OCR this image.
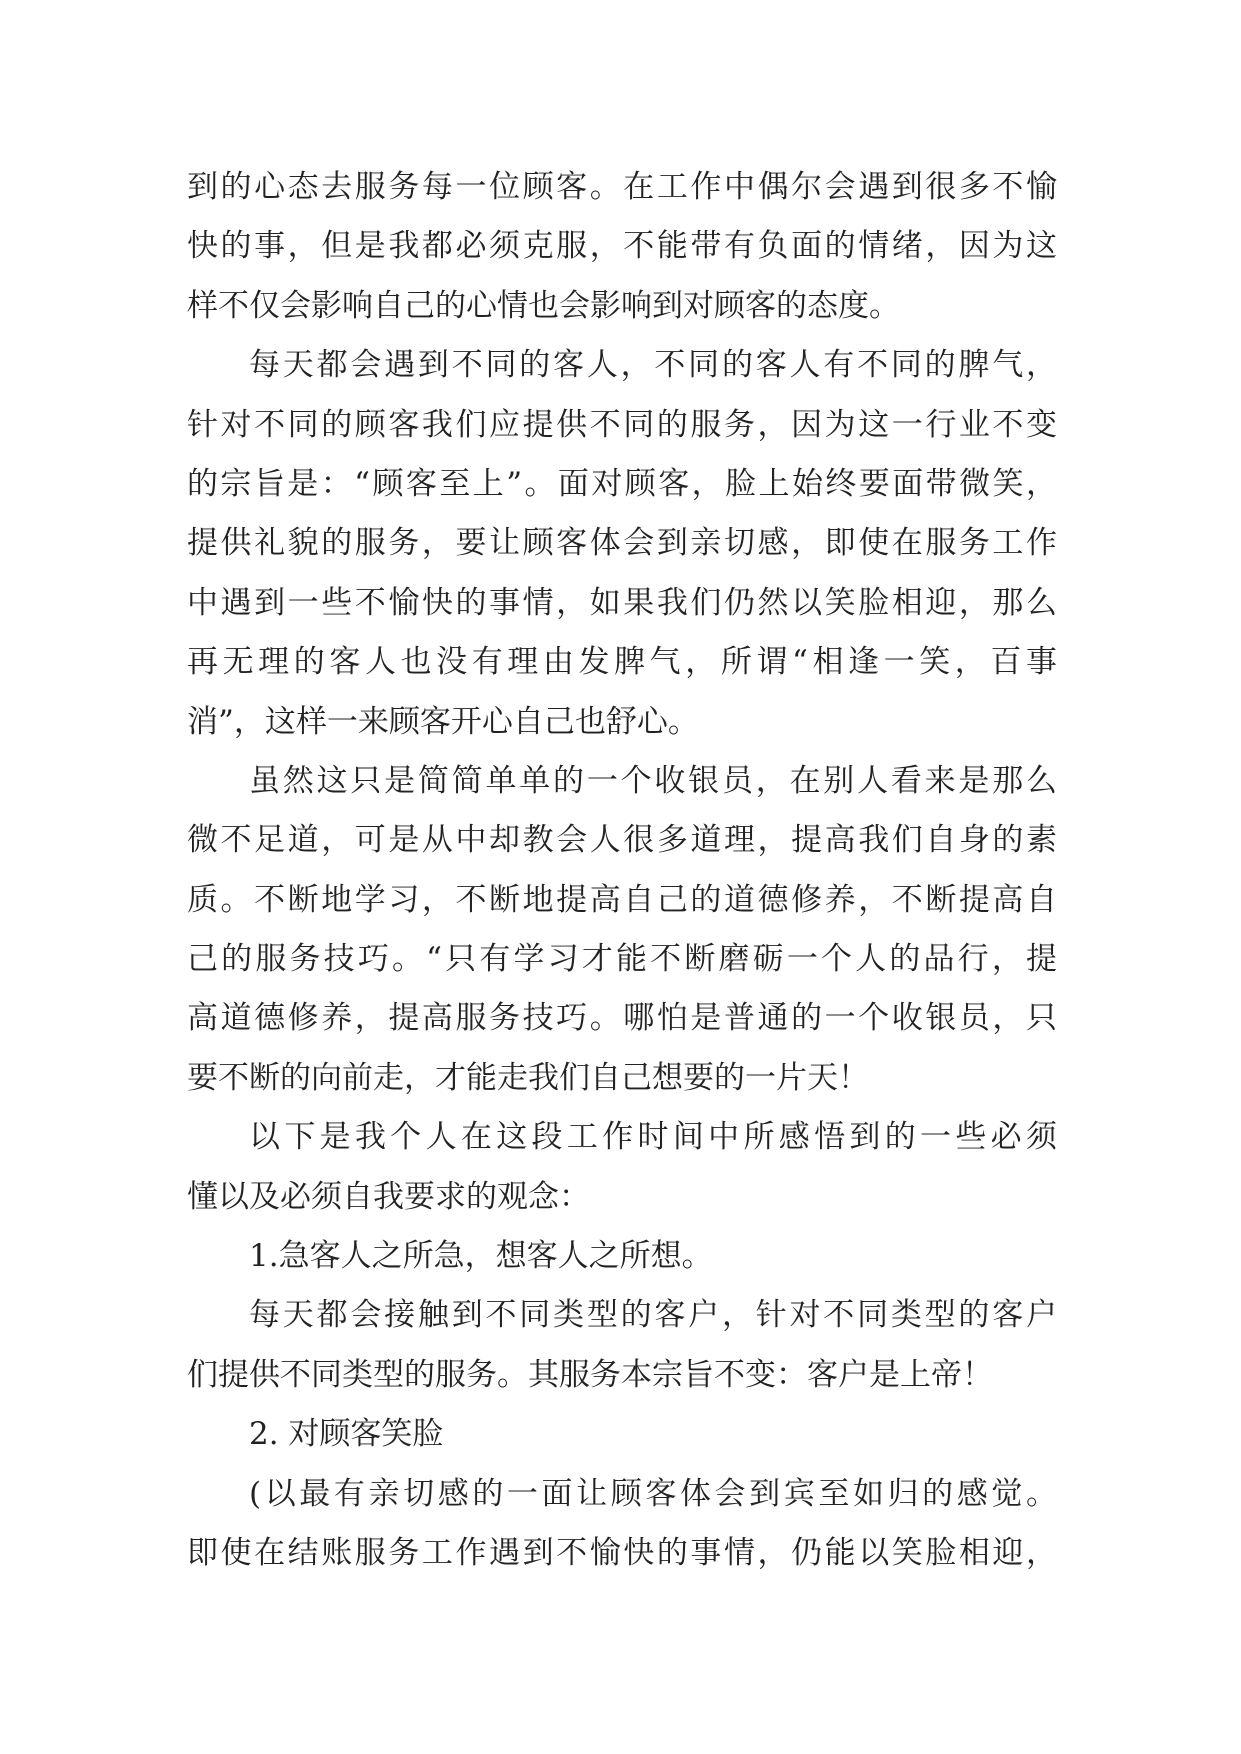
到的心态去服务每一位顾客。在工作中偶尔会遇到很多不愉
快的事，但是我都必须克服，不能带有负面的情绪，因为这
样不仅会影响自己的心情也会影响到对顾客的态度。
每天都会遇到不同的客人，不同的客人有不同的脾气，
针对不同的顾客我们应提供不同的服务，因为这一行业不变
的宗旨是：“顾客至上”。面对顾客，脸上始终要面带微笑，
提供礼貌的服务，要让顾客体会到亲切感，即使在服务工作
中遇到一些不愉快的事情，如果我们仍然以笑脸相迎，那么
再无理的客人也没有理由发脾气，所谓“相逢一笑，百事
消”，这样一来顾客开心自己也舒心。
虽然这只是简简单单的一个收银员，在别人看来是那么
微不足道，可是从中却教会人很多道理，提高我们自身的素
质。不断地学习，不断地提高自己的道德修养，不断提高自
己的服务技巧。“只有学习才能不断磨砺一个人的品行，提
高道德修养，提高服务技巧。哪怕是普通的一个收银员，只
要不断的向前走，才能走我们自己想要的一片天！
以下是我个人在这段工作时间中所感悟到的一些必须
懂以及必须自我要求的观念：
1.急客人之所急，想客人之所想。
每天都会接触到不同类型的客户，针对不同类型的客户
们提供不同类型的服务。其服务本宗旨不变：客户是上帝！
2. 对顾客笑脸
(以最有亲切感的一面让顾客体会到宾至如归的感觉。
即使在结账服务工作遇到不愉快的事情，仍能以笑脸相迎，
